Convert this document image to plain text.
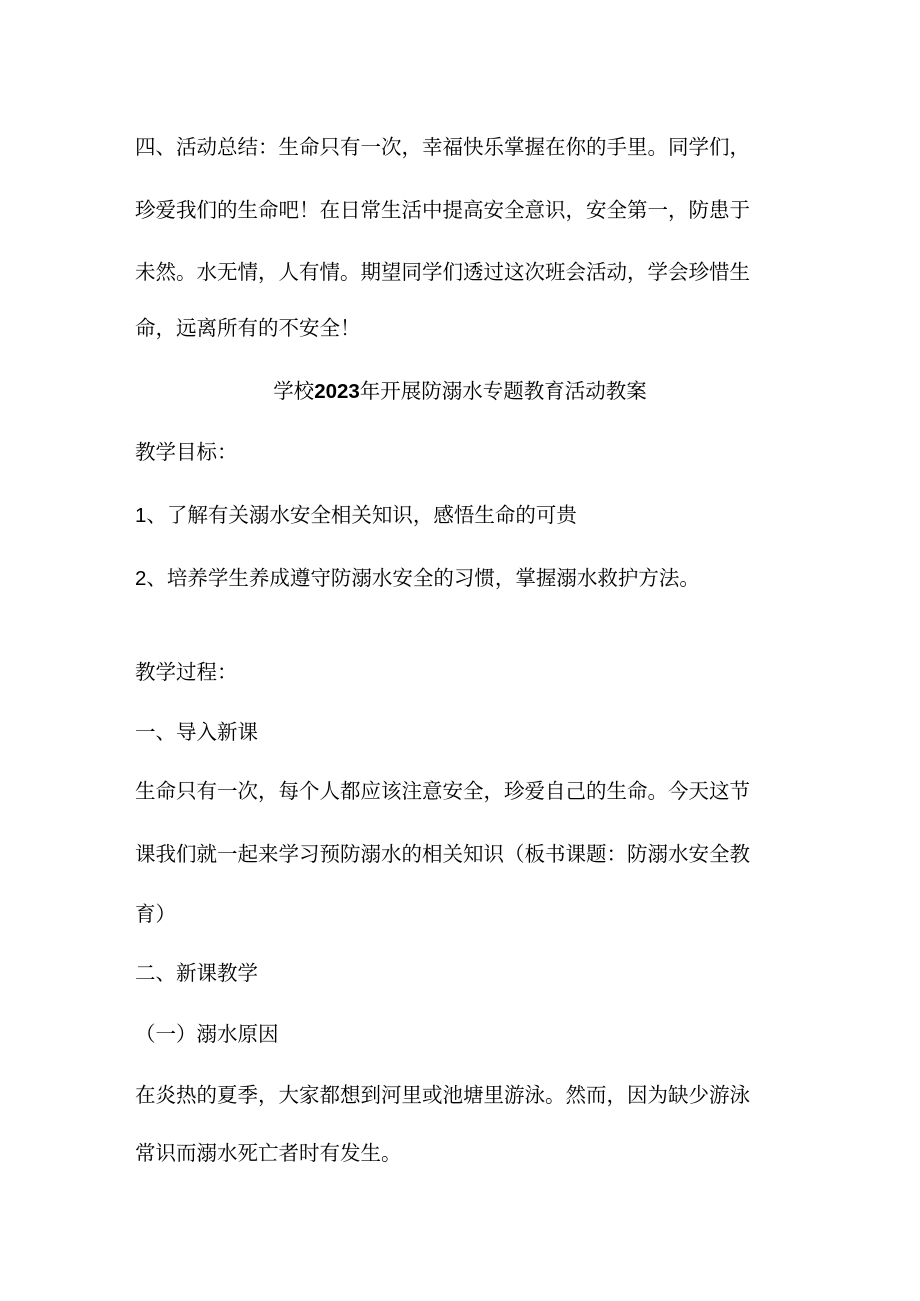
四、活动总结：生命只有一次，幸福快乐掌握在你的手里。同学们，

珍爱我们的生命吧！在日常生活中提高安全意识，安全第一，防患于

未然。水无情，人有情。期望同学们透过这次班会活动，学会珍惜生

命，远离所有的不安全！

学校2023年开展防溺水专题教育活动教案

教学目标：

1、了解有关溺水安全相关知识，感悟生命的可贵

2、培养学生养成遵守防溺水安全的习惯，掌握溺水救护方法。

教学过程：

一、导入新课

生命只有一次，每个人都应该注意安全，珍爱自己的生命。今天这节

课我们就一起来学习预防溺水的相关知识（板书课题：防溺水安全教

育）

二、新课教学

（一）溺水原因

在炎热的夏季，大家都想到河里或池塘里游泳。然而，因为缺少游泳

常识而溺水死亡者时有发生。
